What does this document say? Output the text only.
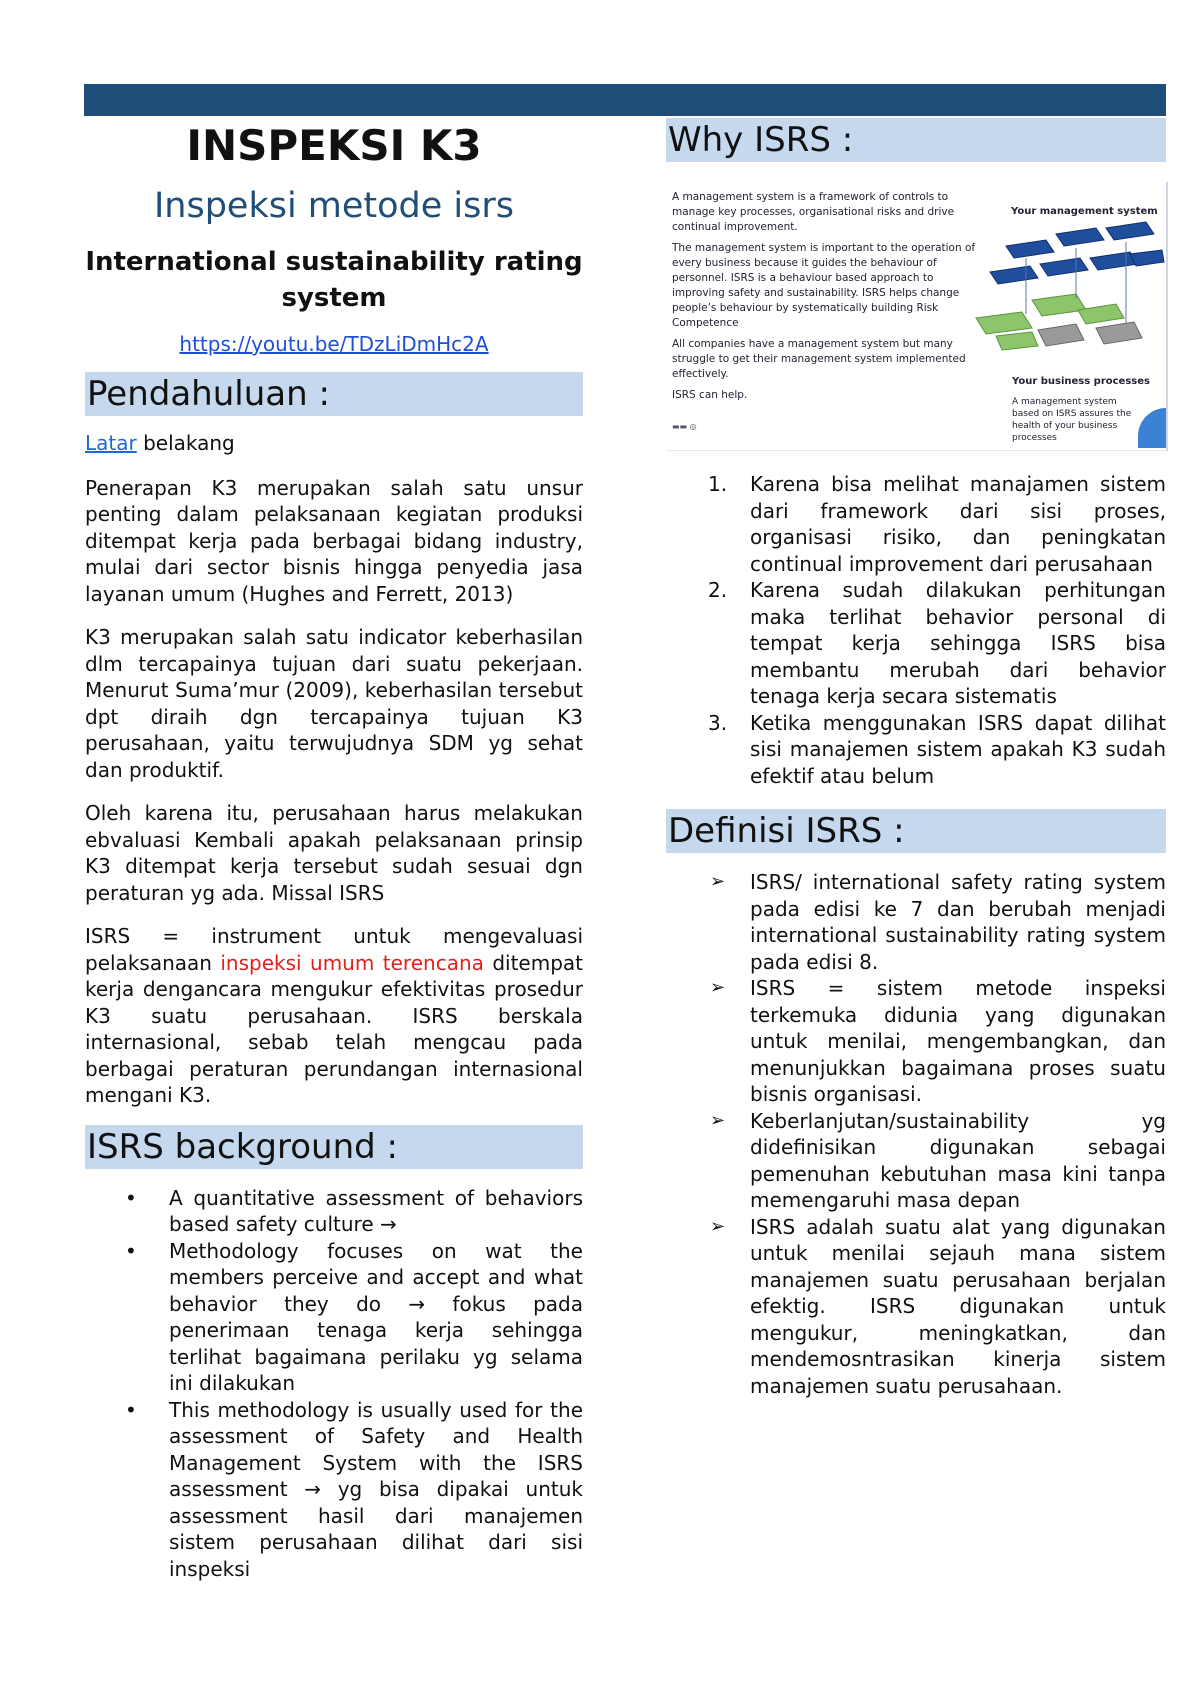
INSPEKSI K3
Inspeksi metode isrs
International sustainability rating system
https://youtu.be/TDzLiDmHc2A
Pendahuluan :

Latar belakang

Penerapan K3 merupakan salah satu unsur penting dalam pelaksanaan kegiatan produksi ditempat kerja pada berbagai bidang industry, mulai dari sector bisnis hingga penyedia jasa layanan umum (Hughes and Ferrett, 2013)

K3 merupakan salah satu indicator keberhasilan dlm tercapainya tujuan dari suatu pekerjaan. Menurut Suma’mur (2009), keberhasilan tersebut dpt diraih dgn tercapainya tujuan K3 perusahaan, yaitu terwujudnya SDM yg sehat dan produktif.

Oleh karena itu, perusahaan harus melakukan ebvaluasi Kembali apakah pelaksanaan prinsip K3 ditempat kerja tersebut sudah sesuai dgn peraturan yg ada. Missal ISRS

ISRS = instrument untuk mengevaluasi pelaksanaan inspeksi umum terencana ditempat kerja dengancara mengukur efektivitas prosedur K3 suatu perusahaan. ISRS berskala internasional, sebab telah mengcau pada berbagai peraturan perundangan internasional mengani K3.

ISRS background :
• A quantitative assessment of behaviors based safety culture →
• Methodology focuses on wat the members perceive and accept and what behavior they do → fokus pada penerimaan tenaga kerja sehingga terlihat bagaimana perilaku yg selama ini dilakukan
• This methodology is usually used for the assessment of Safety and Health Management System with the ISRS assessment → yg bisa dipakai untuk assessment hasil dari manajemen sistem perusahaan dilihat dari sisi inspeksi
Why ISRS :
A management system is a framework of controls to manage key processes, organisational risks and drive continual improvement.
The management system is important to the operation of every business because it guides the behaviour of personnel. ISRS is a behaviour based approach to improving safety and sustainability. ISRS helps change people’s behaviour by systematically building Risk Competence
All companies have a management system but many struggle to get their management system implemented effectively.
ISRS can help.
Your management system
Your business processes
A management system based on ISRS assures the health of your business processes
▬▬ ◎
1. Karena bisa melihat manajamen sistem dari framework dari sisi proses, organisasi risiko, dan peningkatan continual improvement dari perusahaan
2. Karena sudah dilakukan perhitungan maka terlihat behavior personal di tempat kerja sehingga ISRS bisa membantu merubah dari behavior tenaga kerja secara sistematis
3. Ketika menggunakan ISRS dapat dilihat sisi manajemen sistem apakah K3 sudah efektif atau belum
Definisi ISRS :
➢ ISRS/ international safety rating system pada edisi ke 7 dan berubah menjadi international sustainability rating system pada edisi 8.
➢ ISRS = sistem metode inspeksi terkemuka didunia yang digunakan untuk menilai, mengembangkan, dan menunjukkan bagaimana proses suatu bisnis organisasi.
➢ Keberlanjutan/sustainability yg didefinisikan digunakan sebagai pemenuhan kebutuhan masa kini tanpa memengaruhi masa depan
➢ ISRS adalah suatu alat yang digunakan untuk menilai sejauh mana sistem manajemen suatu perusahaan berjalan efektig. ISRS digunakan untuk mengukur, meningkatkan, dan mendemosntrasikan kinerja sistem manajemen suatu perusahaan.
